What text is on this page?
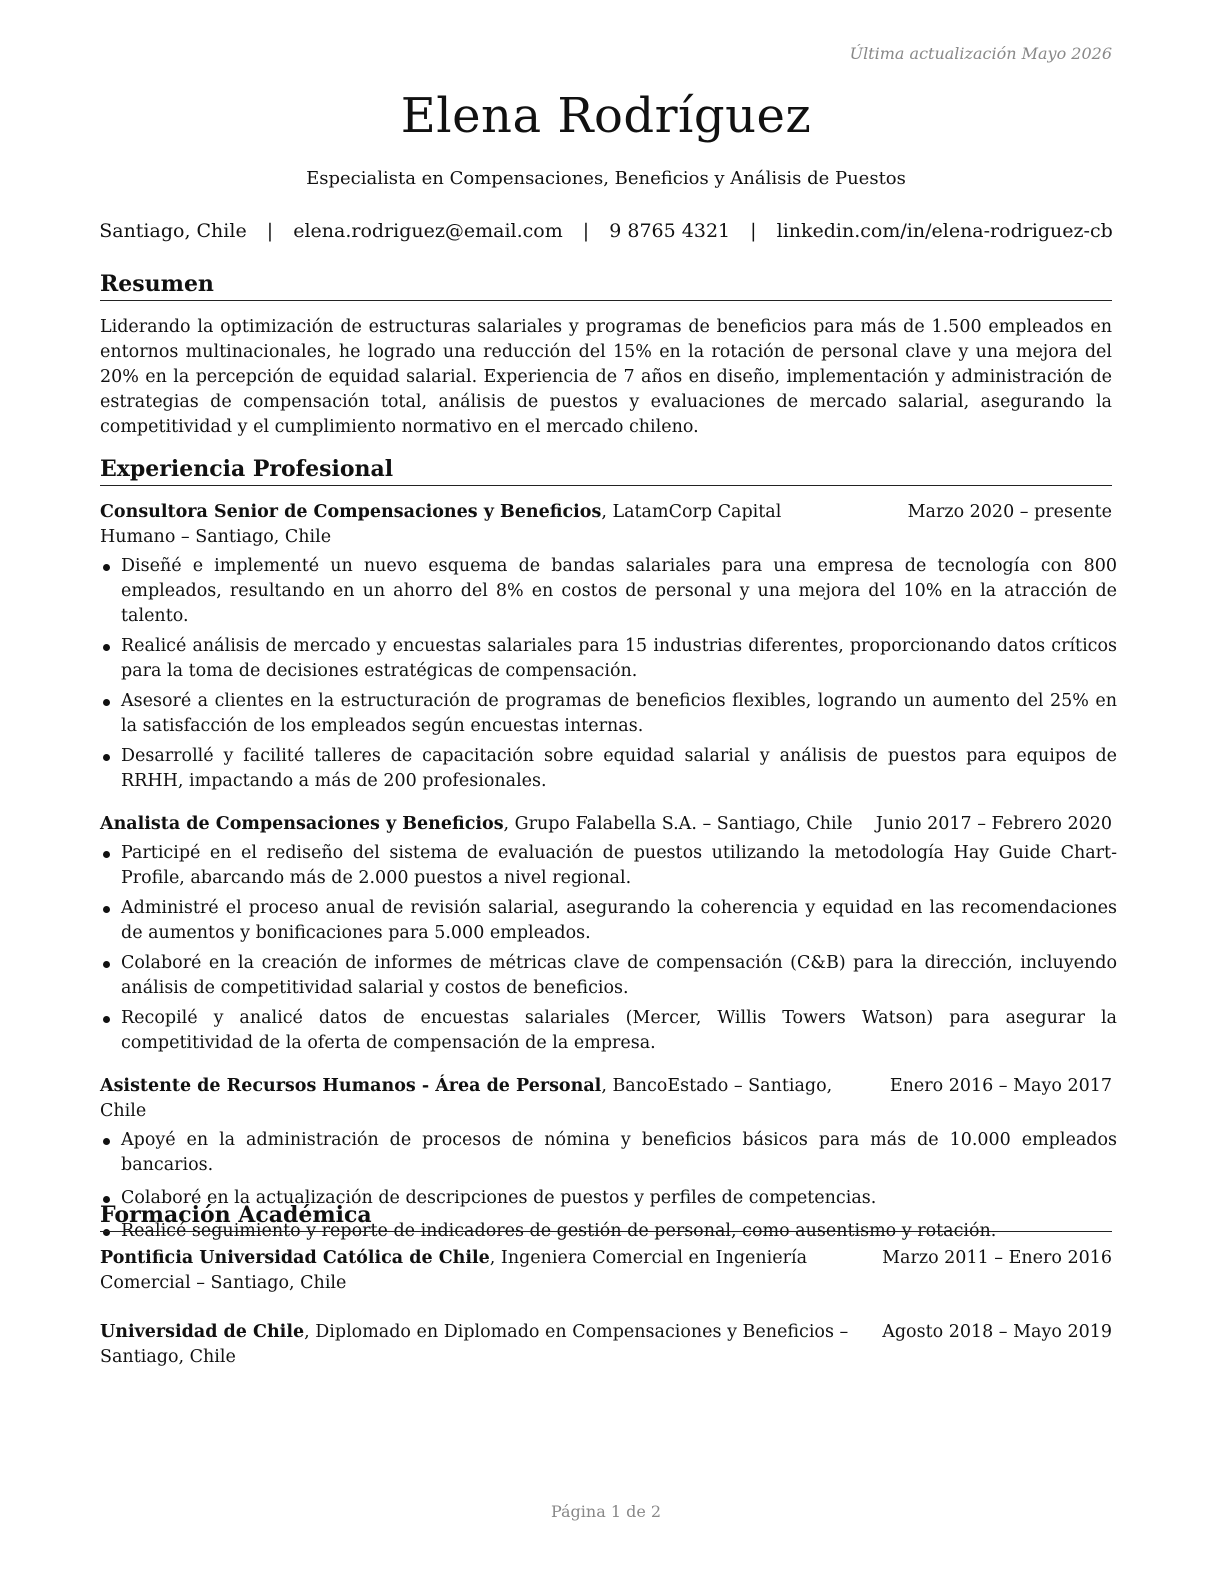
Última actualización Mayo 2026
Elena Rodríguez
Especialista en Compensaciones, Beneficios y Análisis de Puestos
Santiago, Chile | elena.rodriguez@email.com | 9 8765 4321 | linkedin.com/in/elena-rodriguez-cb
Resumen

Liderando la optimización de estructuras salariales y programas de beneficios para más de 1.500 empleados en entornos multinacionales, he logrado una reducción del 15% en la rotación de personal clave y una mejora del 20% en la percepción de equidad salarial. Experiencia de 7 años en diseño, implementación y administración de estrategias de compensación total, análisis de puestos y evaluaciones de mercado salarial, asegurando la competitividad y el cumplimiento normativo en el mercado chileno.

Experiencia Profesional
Consultora Senior de Compensaciones y Beneficios, LatamCorp Capital Humano – Santiago, Chile
Marzo 2020 – presente
Diseñé e implementé un nuevo esquema de bandas salariales para una empresa de tecnología con 800 empleados, resultando en un ahorro del 8% en costos de personal y una mejora del 10% en la atracción de talento.
Realicé análisis de mercado y encuestas salariales para 15 industrias diferentes, proporcionando datos críticos para la toma de decisiones estratégicas de compensación.
Asesoré a clientes en la estructuración de programas de beneficios flexibles, logrando un aumento del 25% en la satisfacción de los empleados según encuestas internas.
Desarrollé y facilité talleres de capacitación sobre equidad salarial y análisis de puestos para equipos de RRHH, impactando a más de 200 profesionales.
Analista de Compensaciones y Beneficios, Grupo Falabella S.A. – Santiago, Chile Junio 2017 – Febrero 2020
Participé en el rediseño del sistema de evaluación de puestos utilizando la metodología Hay Guide Chart-Profile, abarcando más de 2.000 puestos a nivel regional.
Administré el proceso anual de revisión salarial, asegurando la coherencia y equidad en las recomendaciones de aumentos y bonificaciones para 5.000 empleados.
Colaboré en la creación de informes de métricas clave de compensación (C&B) para la dirección, incluyendo análisis de competitividad salarial y costos de beneficios.
Recopilé y analicé datos de encuestas salariales (Mercer, Willis Towers Watson) para asegurar la competitividad de la oferta de compensación de la empresa.
Asistente de Recursos Humanos - Área de Personal, BancoEstado – Santiago, Chile
Enero 2016 – Mayo 2017
Apoyé en la administración de procesos de nómina y beneficios básicos para más de 10.000 empleados bancarios.
Colaboré en la actualización de descripciones de puestos y perfiles de competencias.
Realicé seguimiento y reporte de indicadores de gestión de personal, como ausentismo y rotación.
Formación Académica
Pontificia Universidad Católica de Chile, Ingeniera Comercial en Ingeniería Comercial – Santiago, Chile
Marzo 2011 – Enero 2016
Universidad de Chile, Diplomado en Diplomado en Compensaciones y Beneficios – Santiago, Chile
Agosto 2018 – Mayo 2019
Página 1 de 2
